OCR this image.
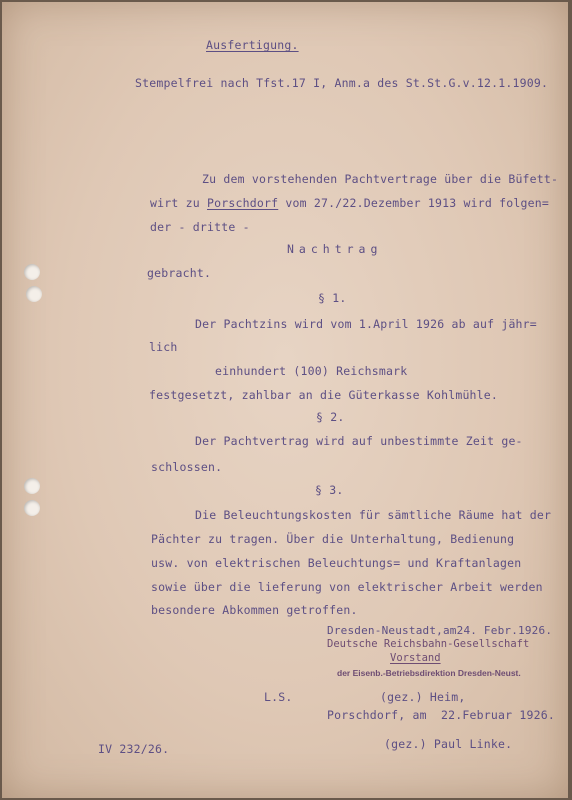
Ausfertigung.
Stempelfrei nach Tfst.17 I, Anm.a des St.St.G.v.12.1.1909.
Zu dem vorstehenden Pachtvertrage über die Büfett-
wirt zu Porschdorf vom 27./22.Dezember 1913 wird folgen=
der - dritte -
Nachtrag
gebracht.
§ 1.
Der Pachtzins wird vom 1.April 1926 ab auf jähr=
lich
einhundert (100) Reichsmark
festgesetzt, zahlbar an die Güterkasse Kohlmühle.
§ 2.
Der Pachtvertrag wird auf unbestimmte Zeit ge-
schlossen.
§ 3.
Die Beleuchtungskosten für sämtliche Räume hat der
Pächter zu tragen. Über die Unterhaltung, Bedienung
usw. von elektrischen Beleuchtungs= und Kraftanlagen
sowie über die lieferung von elektrischer Arbeit werden
besondere Abkommen getroffen.
Dresden-Neustadt,am24. Febr.1926.
Deutsche Reichsbahn-Gesellschaft
Vorstand
der Eisenb.-Betriebsdirektion Dresden-Neust.
L.S.	(gez.) Heim,
Porschdorf, am  22.Februar 1926.
IV 232/26.	(gez.) Paul Linke.
